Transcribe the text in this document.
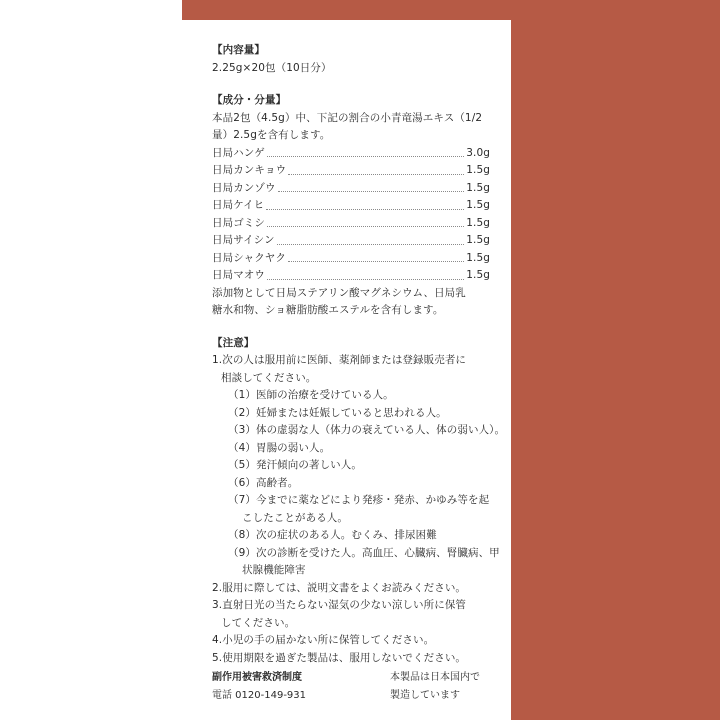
【内容量】
2.25g×20包（10日分）
【成分・分量】
本品2包（4.5g）中、下記の割合の小青竜湯エキス（1/2
量）2.5gを含有します。
日局ハンゲ	3.0g
日局カンキョウ	1.5g
日局カンゾウ	1.5g
日局ケイヒ	1.5g
日局ゴミシ	1.5g
日局サイシン	1.5g
日局シャクヤク	1.5g
日局マオウ	1.5g
添加物として日局ステアリン酸マグネシウム、日局乳
糖水和物、ショ糖脂肪酸エステルを含有します。
【注意】
1.次の人は服用前に医師、薬剤師または登録販売者に
相談してください。
（1）医師の治療を受けている人。
（2）妊婦または妊娠していると思われる人。
（3）体の虚弱な人（体力の衰えている人、体の弱い人）。
（4）胃腸の弱い人。
（5）発汗傾向の著しい人。
（6）高齢者。
（7）今までに薬などにより発疹・発赤、かゆみ等を起
こしたことがある人。
（8）次の症状のある人。むくみ、排尿困難
（9）次の診断を受けた人。高血圧、心臓病、腎臓病、甲
状腺機能障害
2.服用に際しては、説明文書をよくお読みください。
3.直射日光の当たらない湿気の少ない涼しい所に保管
してください。
4.小児の手の届かない所に保管してください。
5.使用期限を過ぎた製品は、服用しないでください。
副作用被害救済制度
電話 0120-149-931
本製品は日本国内で
製造しています
